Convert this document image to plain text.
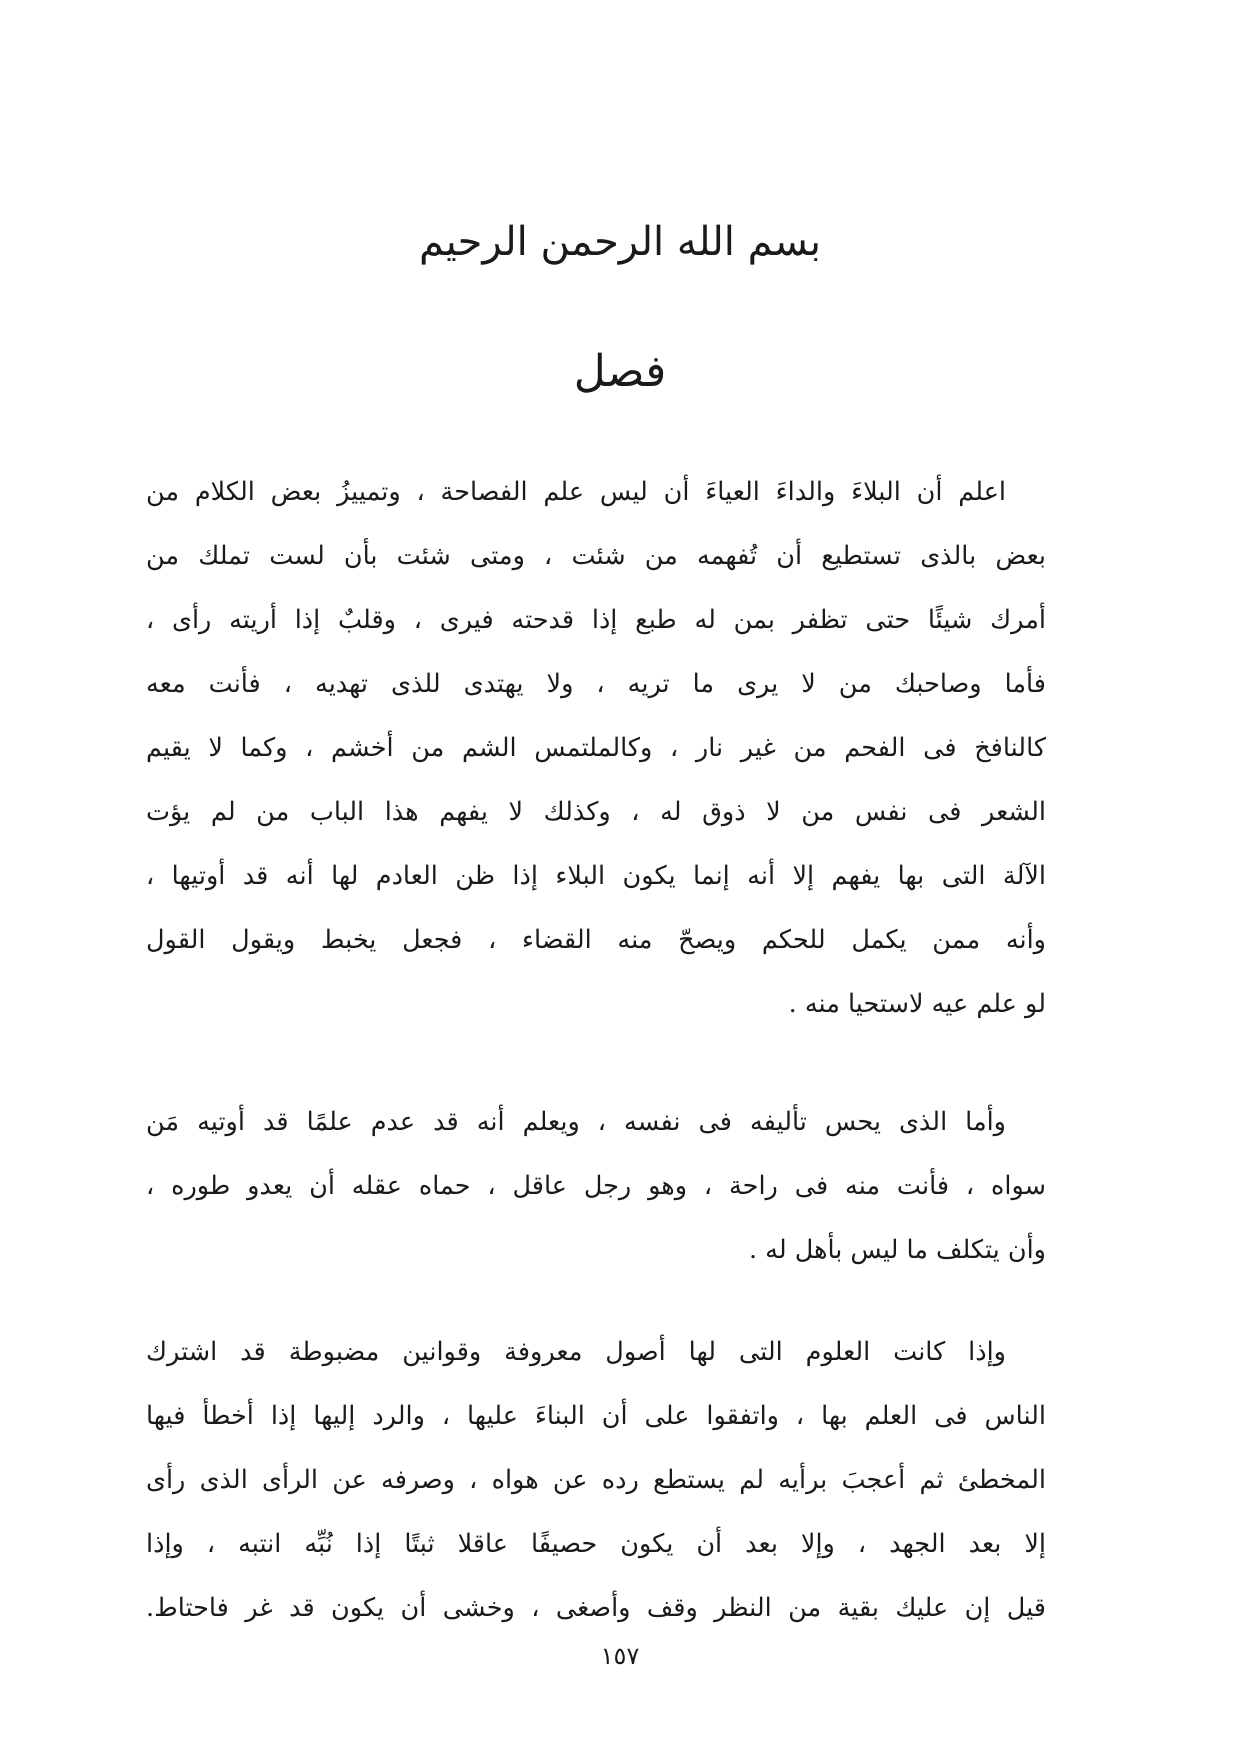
بسم الله الرحمن الرحيم
فصل
اعلم أن البلاءَ والداءَ العياءَ أن ليس علم الفصاحة ، وتمييزُ بعض الكلام من
بعض بالذى تستطيع أن تُفهمه من شئت ، ومتى شئت بأن لست تملك من
أمرك شيئًا حتى تظفر بمن له طبع إذا قدحته فيرى ، وقلبٌ إذا أريته رأى ،
فأما وصاحبك من لا يرى ما تريه ، ولا يهتدى للذى تهديه ، فأنت معه
كالنافخ فى الفحم من غير نار ، وكالملتمس الشم من أخشم ، وكما لا يقيم
الشعر فى نفس من لا ذوق له ، وكذلك لا يفهم هذا الباب من لم يؤت
الآلة التى بها يفهم إلا أنه إنما يكون البلاء إذا ظن العادم لها أنه قد أوتيها ،
وأنه ممن يكمل للحكم ويصحّ منه القضاء ، فجعل يخبط ويقول القول
لو علم عيه لاستحيا منه .
وأما الذى يحس تأليفه فى نفسه ، ويعلم أنه قد عدم علمًا قد أوتيه مَن
سواه ، فأنت منه فى راحة ، وهو رجل عاقل ، حماه عقله أن يعدو طوره ،
وأن يتكلف ما ليس بأهل له .
وإذا كانت العلوم التى لها أصول معروفة وقوانين مضبوطة قد اشترك
الناس فى العلم بها ، واتفقوا على أن البناءَ عليها ، والرد إليها إذا أخطأ فيها
المخطئ ثم أعجبَ برأيه لم يستطع رده عن هواه ، وصرفه عن الرأى الذى رأى
إلا بعد الجهد ، وإلا بعد أن يكون حصيفًا عاقلا ثبتًا إذا نُبِّه انتبه ، وإذا
قيل إن عليك بقية من النظر وقف وأصغى ، وخشى أن يكون قد غر فاحتاط.
١٥٧
